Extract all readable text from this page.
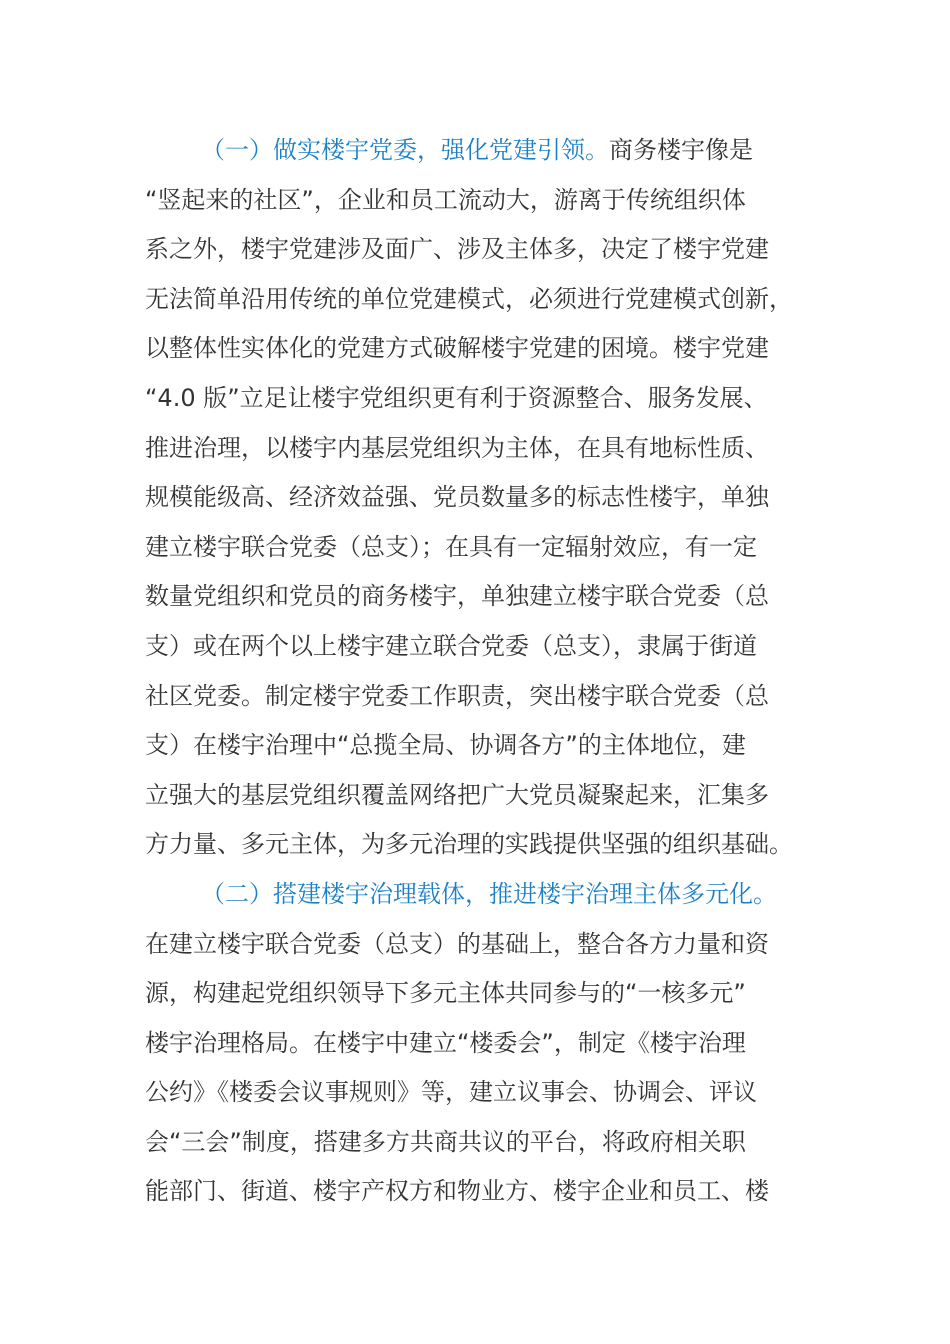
（一）做实楼宇党委，强化党建引领。商务楼宇像是
“竖起来的社区”，企业和员工流动大，游离于传统组织体
系之外，楼宇党建涉及面广、涉及主体多，决定了楼宇党建
无法简单沿用传统的单位党建模式，必须进行党建模式创新，
以整体性实体化的党建方式破解楼宇党建的困境。楼宇党建
“4.0 版”立足让楼宇党组织更有利于资源整合、服务发展、
推进治理，以楼宇内基层党组织为主体，在具有地标性质、
规模能级高、经济效益强、党员数量多的标志性楼宇，单独
建立楼宇联合党委（总支）；在具有一定辐射效应，有一定
数量党组织和党员的商务楼宇，单独建立楼宇联合党委（总
支）或在两个以上楼宇建立联合党委（总支），隶属于街道
社区党委。制定楼宇党委工作职责，突出楼宇联合党委（总
支）在楼宇治理中“总揽全局、协调各方”的主体地位，建
立强大的基层党组织覆盖网络把广大党员凝聚起来，汇集多
方力量、多元主体，为多元治理的实践提供坚强的组织基础。
（二）搭建楼宇治理载体，推进楼宇治理主体多元化。
在建立楼宇联合党委（总支）的基础上，整合各方力量和资
源，构建起党组织领导下多元主体共同参与的“一核多元”
楼宇治理格局。在楼宇中建立“楼委会”，制定《楼宇治理
公约》《楼委会议事规则》等，建立议事会、协调会、评议
会“三会”制度，搭建多方共商共议的平台，将政府相关职
能部门、街道、楼宇产权方和物业方、楼宇企业和员工、楼
